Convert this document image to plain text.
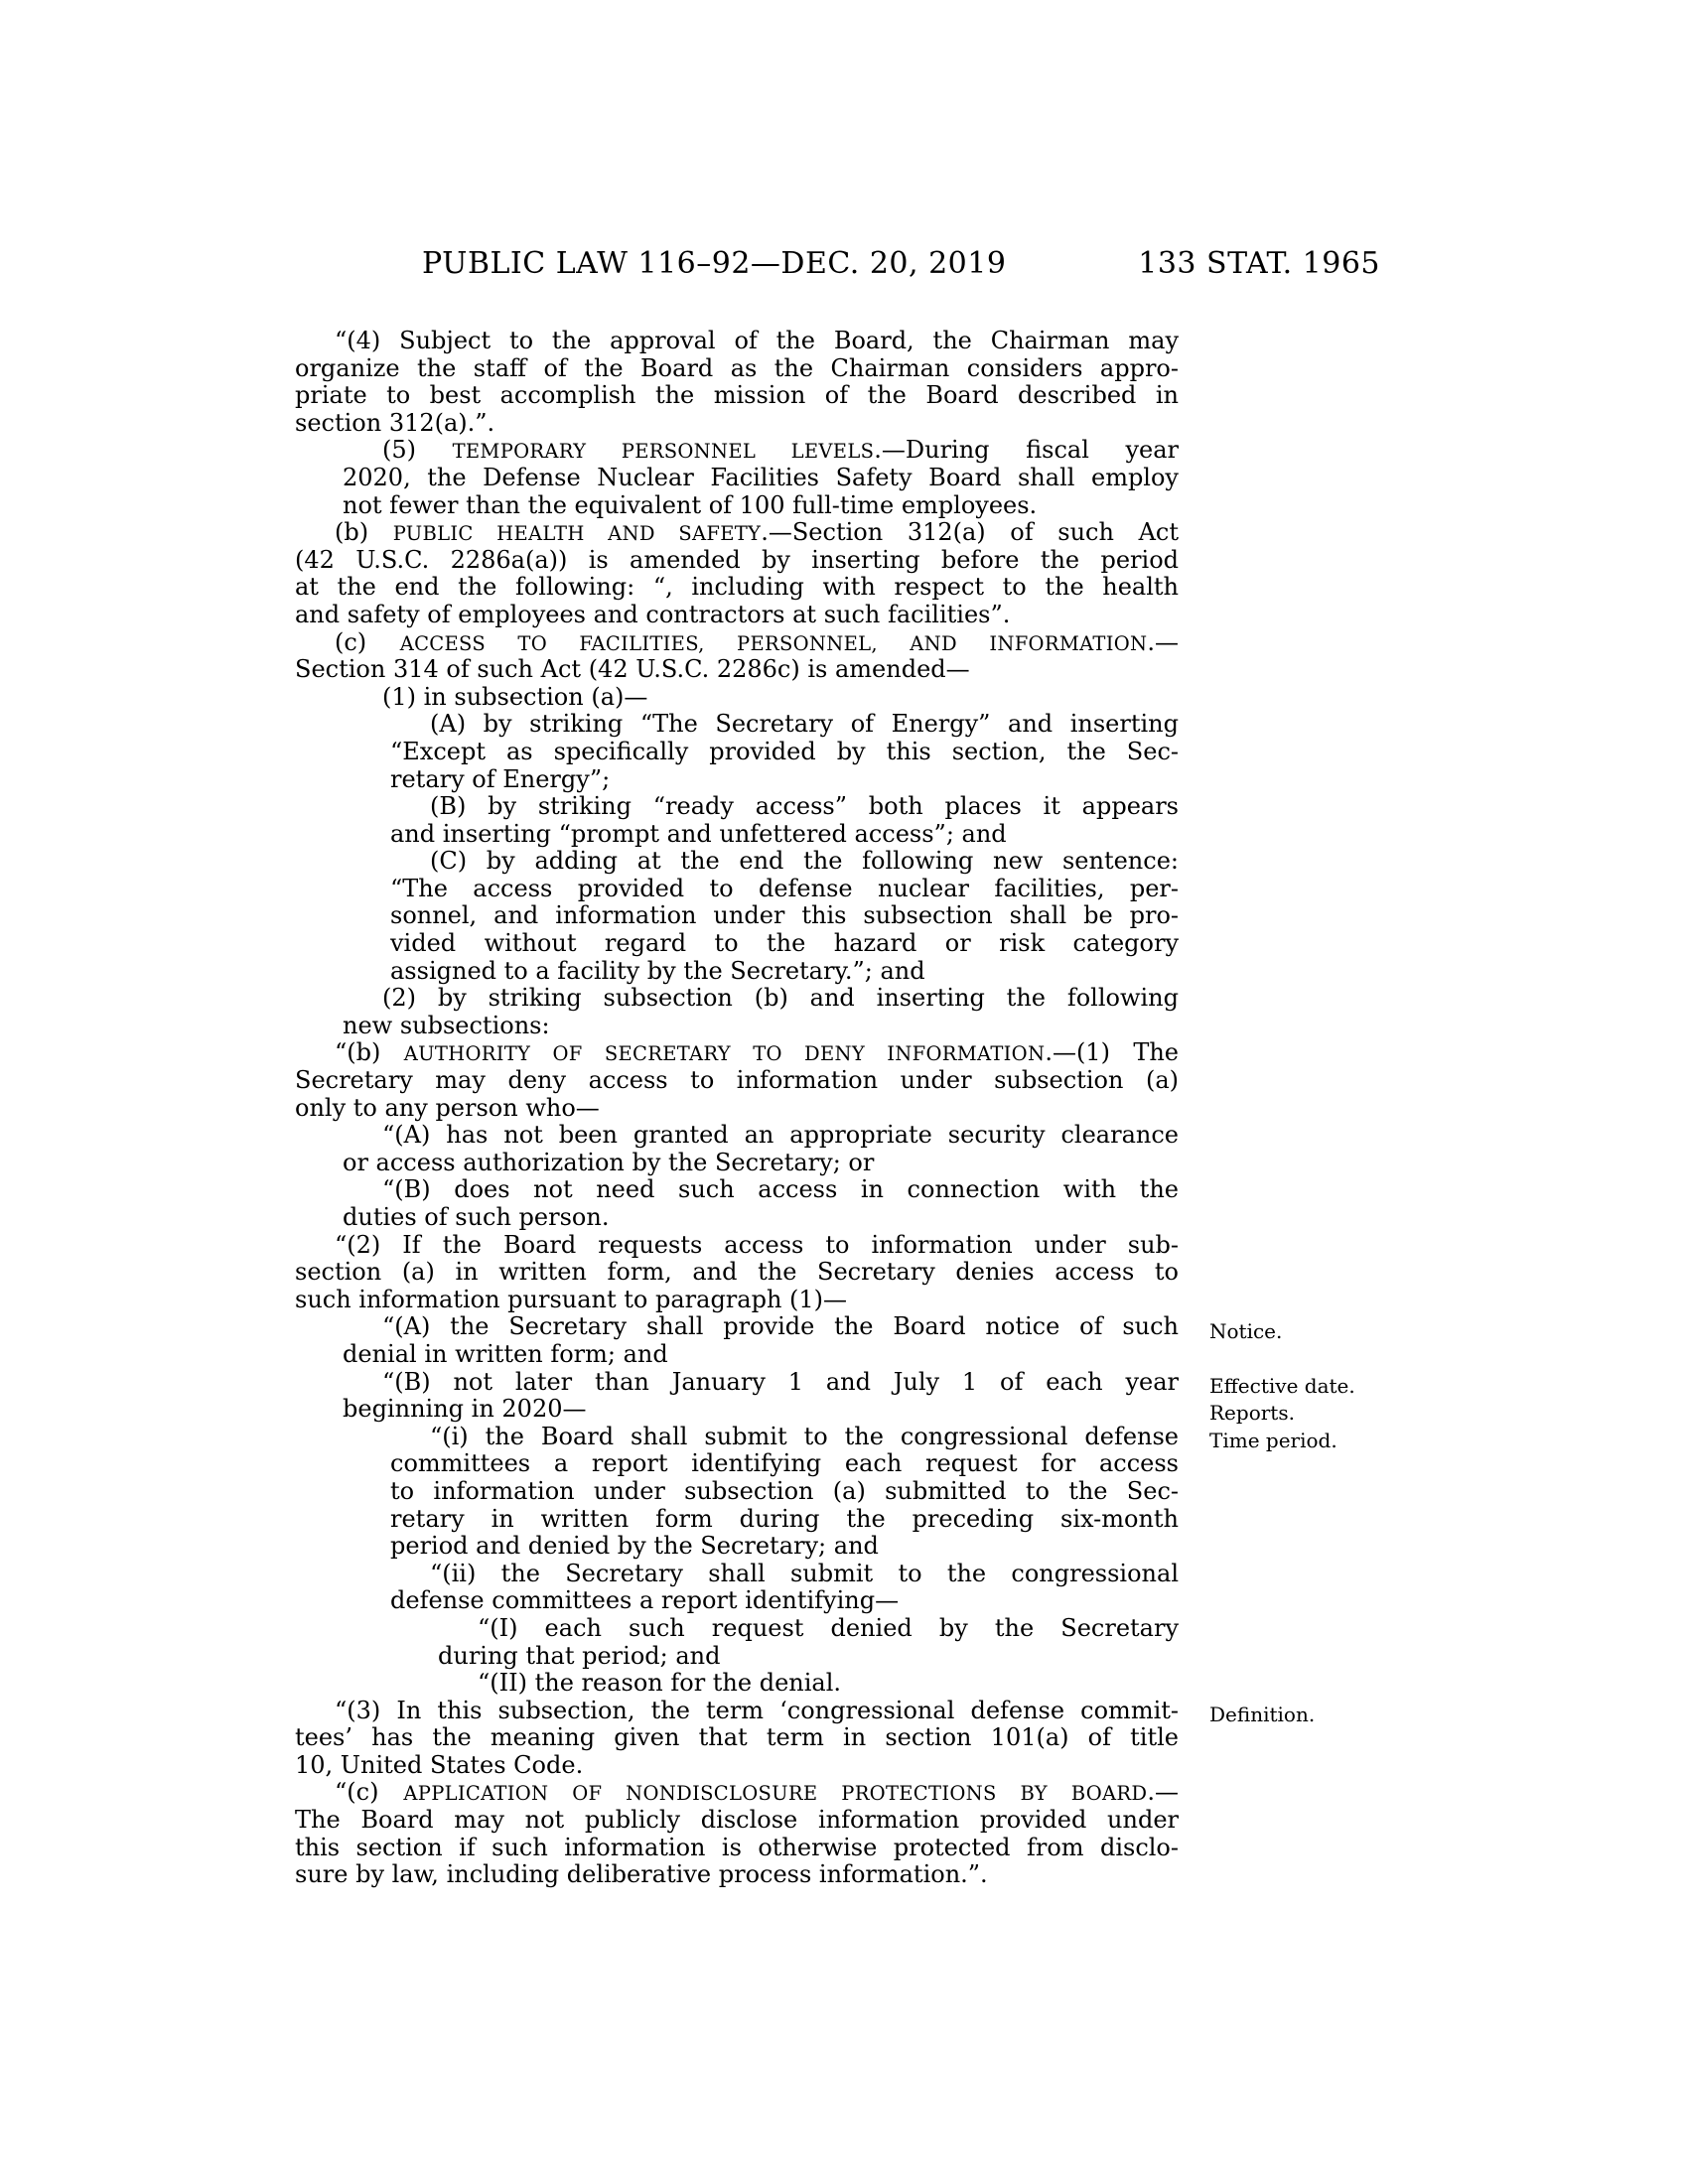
PUBLIC LAW 116–92—DEC. 20, 2019	133 STAT. 1965
“(4) Subject to the approval of the Board, the Chairman may
organize the staff of the Board as the Chairman considers appro-
priate to best accomplish the mission of the Board described in
section 312(a).”.
(5) TEMPORARY PERSONNEL LEVELS.—During fiscal year
2020, the Defense Nuclear Facilities Safety Board shall employ
not fewer than the equivalent of 100 full-time employees.
(b) PUBLIC HEALTH AND SAFETY.—Section 312(a) of such Act
(42 U.S.C. 2286a(a)) is amended by inserting before the period
at the end the following: “, including with respect to the health
and safety of employees and contractors at such facilities”.
(c) ACCESS TO FACILITIES, PERSONNEL, AND INFORMATION.—
Section 314 of such Act (42 U.S.C. 2286c) is amended—
(1) in subsection (a)—
(A) by striking “The Secretary of Energy” and inserting
“Except as specifically provided by this section, the Sec-
retary of Energy”;
(B) by striking “ready access” both places it appears
and inserting “prompt and unfettered access”; and
(C) by adding at the end the following new sentence:
“The access provided to defense nuclear facilities, per-
sonnel, and information under this subsection shall be pro-
vided without regard to the hazard or risk category
assigned to a facility by the Secretary.”; and
(2) by striking subsection (b) and inserting the following
new subsections:
“(b) AUTHORITY OF SECRETARY TO DENY INFORMATION.—(1) The
Secretary may deny access to information under subsection (a)
only to any person who—
“(A) has not been granted an appropriate security clearance
or access authorization by the Secretary; or
“(B) does not need such access in connection with the
duties of such person.
“(2) If the Board requests access to information under sub-
section (a) in written form, and the Secretary denies access to
such information pursuant to paragraph (1)—
“(A) the Secretary shall provide the Board notice of such
denial in written form; and
“(B) not later than January 1 and July 1 of each year
beginning in 2020—
“(i) the Board shall submit to the congressional defense
committees a report identifying each request for access
to information under subsection (a) submitted to the Sec-
retary in written form during the preceding six-month
period and denied by the Secretary; and
“(ii) the Secretary shall submit to the congressional
defense committees a report identifying—
“(I) each such request denied by the Secretary
during that period; and
“(II) the reason for the denial.
“(3) In this subsection, the term ‘congressional defense commit-
tees’ has the meaning given that term in section 101(a) of title
10, United States Code.
“(c) APPLICATION OF NONDISCLOSURE PROTECTIONS BY BOARD.—
The Board may not publicly disclose information provided under
this section if such information is otherwise protected from disclo-
sure by law, including deliberative process information.”.
Notice.
Effective date.
Reports.
Time period.
Definition.
